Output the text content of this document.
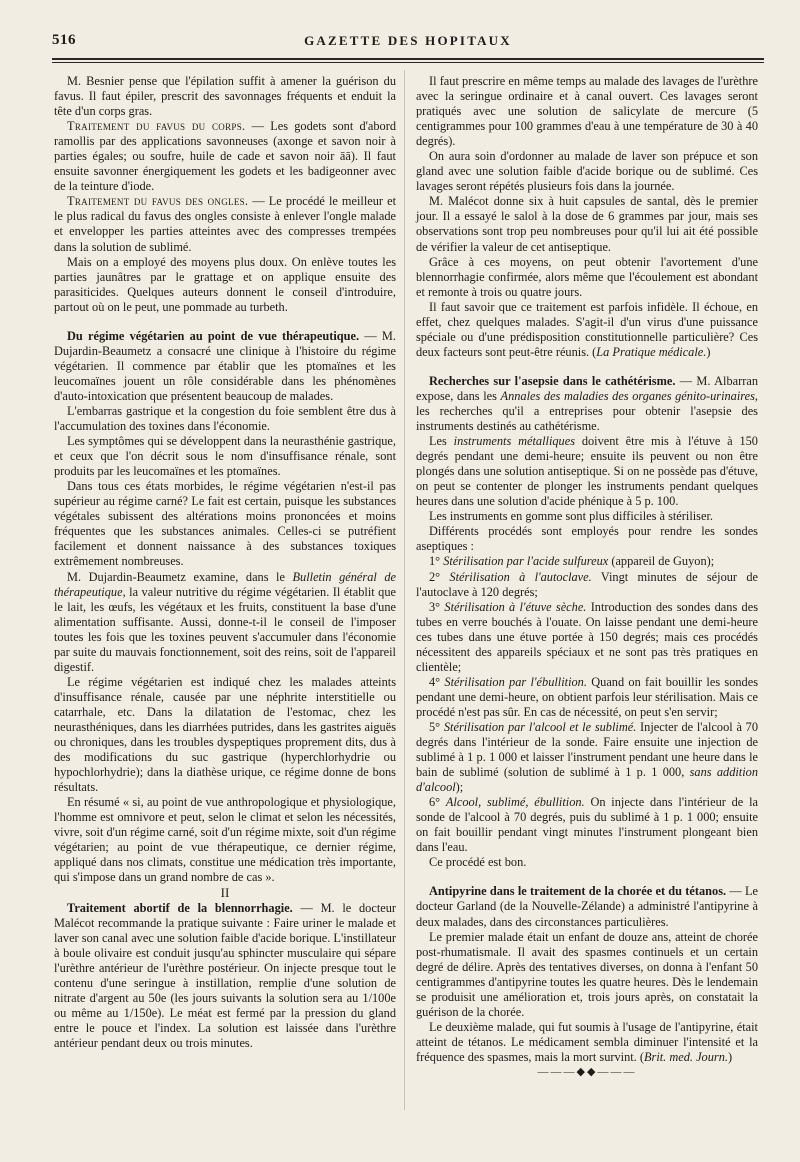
516	GAZETTE DES HOPITAUX

M. Besnier pense que l'épilation suffit à amener la guérison du favus. Il faut épiler, prescrit des savonnages fréquents et enduit la tête d'un corps gras.

Traitement du favus du corps. — Les godets sont d'abord ramollis par des applications savonneuses (axonge et savon noir à parties égales; ou soufre, huile de cade et savon noir āā). Il faut ensuite savonner énergiquement les godets et les badigeonner avec de la teinture d'iode.

Traitement du favus des ongles. — Le procédé le meilleur et le plus radical du favus des ongles consiste à enlever l'ongle malade et envelopper les parties atteintes avec des compresses trempées dans la solution de sublimé.

Mais on a employé des moyens plus doux. On enlève toutes les parties jaunâtres par le grattage et on applique ensuite des parasiticides. Quelques auteurs donnent le conseil d'introduire, partout où on le peut, une pommade au turbeth.

Du régime végétarien au point de vue thérapeutique. — M. Dujardin-Beaumetz a consacré une clinique à l'histoire du régime végétarien. Il commence par établir que les ptomaïnes et les leucomaïnes jouent un rôle considérable dans les phénomènes d'auto-intoxication que présentent beaucoup de malades.

L'embarras gastrique et la congestion du foie semblent être dus à l'accumulation des toxines dans l'économie.

Les symptômes qui se développent dans la neurasthénie gastrique, et ceux que l'on décrit sous le nom d'insuffisance rénale, sont produits par les leucomaïnes et les ptomaïnes.

Dans tous ces états morbides, le régime végétarien n'est-il pas supérieur au régime carné? Le fait est certain, puisque les substances végétales subissent des altérations moins prononcées et moins fréquentes que les substances animales. Celles-ci se putréfient facilement et donnent naissance à des substances toxiques extrêmement nombreuses.

M. Dujardin-Beaumetz examine, dans le Bulletin général de thérapeutique, la valeur nutritive du régime végétarien. Il établit que le lait, les œufs, les végétaux et les fruits, constituent la base d'une alimentation suffisante. Aussi, donne-t-il le conseil de l'imposer toutes les fois que les toxines peuvent s'accumuler dans l'économie par suite du mauvais fonctionnement, soit des reins, soit de l'appareil digestif.

Le régime végétarien est indiqué chez les malades atteints d'insuffisance rénale, causée par une néphrite interstitielle ou catarrhale, etc. Dans la dilatation de l'estomac, chez les neurasthéniques, dans les diarrhées putrides, dans les gastrites aiguës ou chroniques, dans les troubles dyspeptiques proprement dits, dus à des modifications du suc gastrique (hyperchlorhydrie ou hypochlorhydrie); dans la diathèse urique, ce régime donne de bons résultats.

En résumé « si, au point de vue anthropologique et physiologique, l'homme est omnivore et peut, selon le climat et selon les nécessités, vivre, soit d'un régime carné, soit d'un régime mixte, soit d'un régime végétarien; au point de vue thérapeutique, ce dernier régime, appliqué dans nos climats, constitue une médication très importante, qui s'impose dans un grand nombre de cas ».

II

Traitement abortif de la blennorrhagie. — M. le docteur Malécot recommande la pratique suivante : Faire uriner le malade et laver son canal avec une solution faible d'acide borique. L'instillateur à boule olivaire est conduit jusqu'au sphincter musculaire qui sépare l'urèthre antérieur de l'urèthre postérieur. On injecte presque tout le contenu d'une seringue à instillation, remplie d'une solution de nitrate d'argent au 50e (les jours suivants la solution sera au 1/100e ou même au 1/150e). Le méat est fermé par la pression du gland entre le pouce et l'index. La solution est laissée dans l'urèthre antérieur pendant deux ou trois minutes.

Il faut prescrire en même temps au malade des lavages de l'urèthre avec la seringue ordinaire et à canal ouvert. Ces lavages seront pratiqués avec une solution de salicylate de mercure (5 centigrammes pour 100 grammes d'eau à une température de 30 à 40 degrés).

On aura soin d'ordonner au malade de laver son prépuce et son gland avec une solution faible d'acide borique ou de sublimé. Ces lavages seront répétés plusieurs fois dans la journée.

M. Malécot donne six à huit capsules de santal, dès le premier jour. Il a essayé le salol à la dose de 6 grammes par jour, mais ses observations sont trop peu nombreuses pour qu'il lui ait été possible de vérifier la valeur de cet antiseptique.

Grâce à ces moyens, on peut obtenir l'avortement d'une blennorrhagie confirmée, alors même que l'écoulement est abondant et remonte à trois ou quatre jours.

Il faut savoir que ce traitement est parfois infidèle. Il échoue, en effet, chez quelques malades. S'agit-il d'un virus d'une puissance spéciale ou d'une prédisposition constitutionnelle particulière? Ces deux facteurs sont peut-être réunis. (La Pratique médicale.)

Recherches sur l'asepsie dans le cathétérisme. — M. Albarran expose, dans les Annales des maladies des organes génito-urinaires, les recherches qu'il a entreprises pour obtenir l'asepsie des instruments destinés au cathétérisme.

Les instruments métalliques doivent être mis à l'étuve à 150 degrés pendant une demi-heure; ensuite ils peuvent ou non être plongés dans une solution antiseptique. Si on ne possède pas d'étuve, on peut se contenter de plonger les instruments pendant quelques heures dans une solution d'acide phénique à 5 p. 100.

Les instruments en gomme sont plus difficiles à stériliser.

Différents procédés sont employés pour rendre les sondes aseptiques :

1° Stérilisation par l'acide sulfureux (appareil de Guyon);

2° Stérilisation à l'autoclave. Vingt minutes de séjour de l'autoclave à 120 degrés;

3° Stérilisation à l'étuve sèche. Introduction des sondes dans des tubes en verre bouchés à l'ouate. On laisse pendant une demi-heure ces tubes dans une étuve portée à 150 degrés; mais ces procédés nécessitent des appareils spéciaux et ne sont pas très pratiques en clientèle;

4° Stérilisation par l'ébullition. Quand on fait bouillir les sondes pendant une demi-heure, on obtient parfois leur stérilisation. Mais ce procédé n'est pas sûr. En cas de nécessité, on peut s'en servir;

5° Stérilisation par l'alcool et le sublimé. Injecter de l'alcool à 70 degrés dans l'intérieur de la sonde. Faire ensuite une injection de sublimé à 1 p. 1 000 et laisser l'instrument pendant une heure dans le bain de sublimé (solution de sublimé à 1 p. 1 000, sans addition d'alcool);

6° Alcool, sublimé, ébullition. On injecte dans l'intérieur de la sonde de l'alcool à 70 degrés, puis du sublimé à 1 p. 1 000; ensuite on fait bouillir pendant vingt minutes l'instrument plongeant bien dans l'eau.

Ce procédé est bon.

Antipyrine dans le traitement de la chorée et du tétanos. — Le docteur Garland (de la Nouvelle-Zélande) a administré l'antipyrine à deux malades, dans des circonstances particulières.

Le premier malade était un enfant de douze ans, atteint de chorée post-rhumatismale. Il avait des spasmes continuels et un certain degré de délire. Après des tentatives diverses, on donna à l'enfant 50 centigrammes d'antipyrine toutes les quatre heures. Dès le lendemain se produisit une amélioration et, trois jours après, on constatait la guérison de la chorée.

Le deuxième malade, qui fut soumis à l'usage de l'antipyrine, était atteint de tétanos. Le médicament sembla diminuer l'intensité et la fréquence des spasmes, mais la mort survint. (Brit. med. Journ.)

———◆◆———
